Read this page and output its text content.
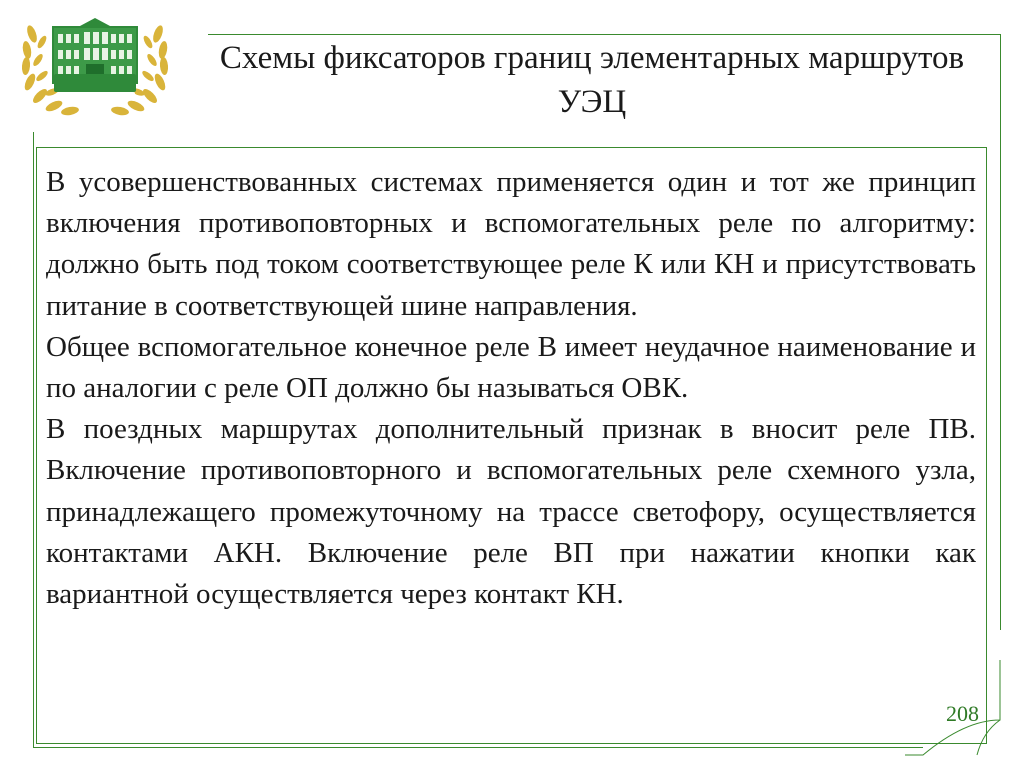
ОмГУПС
Схемы фиксаторов границ элементарных маршрутов УЭЦ

В усовершенствованных системах применяется один и тот же принцип включения противоповторных и вспомогательных реле по алгоритму: должно быть под током соответствующее реле К или КН и присутствовать питание в соответствующей шине направления.

Общее вспомогательное конечное реле В имеет неудачное наименование и по аналогии с реле ОП должно бы называться ОВК.

В поездных маршрутах дополнительный признак в вносит реле ПВ. Включение противоповторного и вспомогательных реле схемного узла, принадлежащего промежуточному на трассе светофору, осуществляется контактами АКН. Включение реле ВП при нажатии кнопки как вариантной осуществляется через контакт КН.

208
